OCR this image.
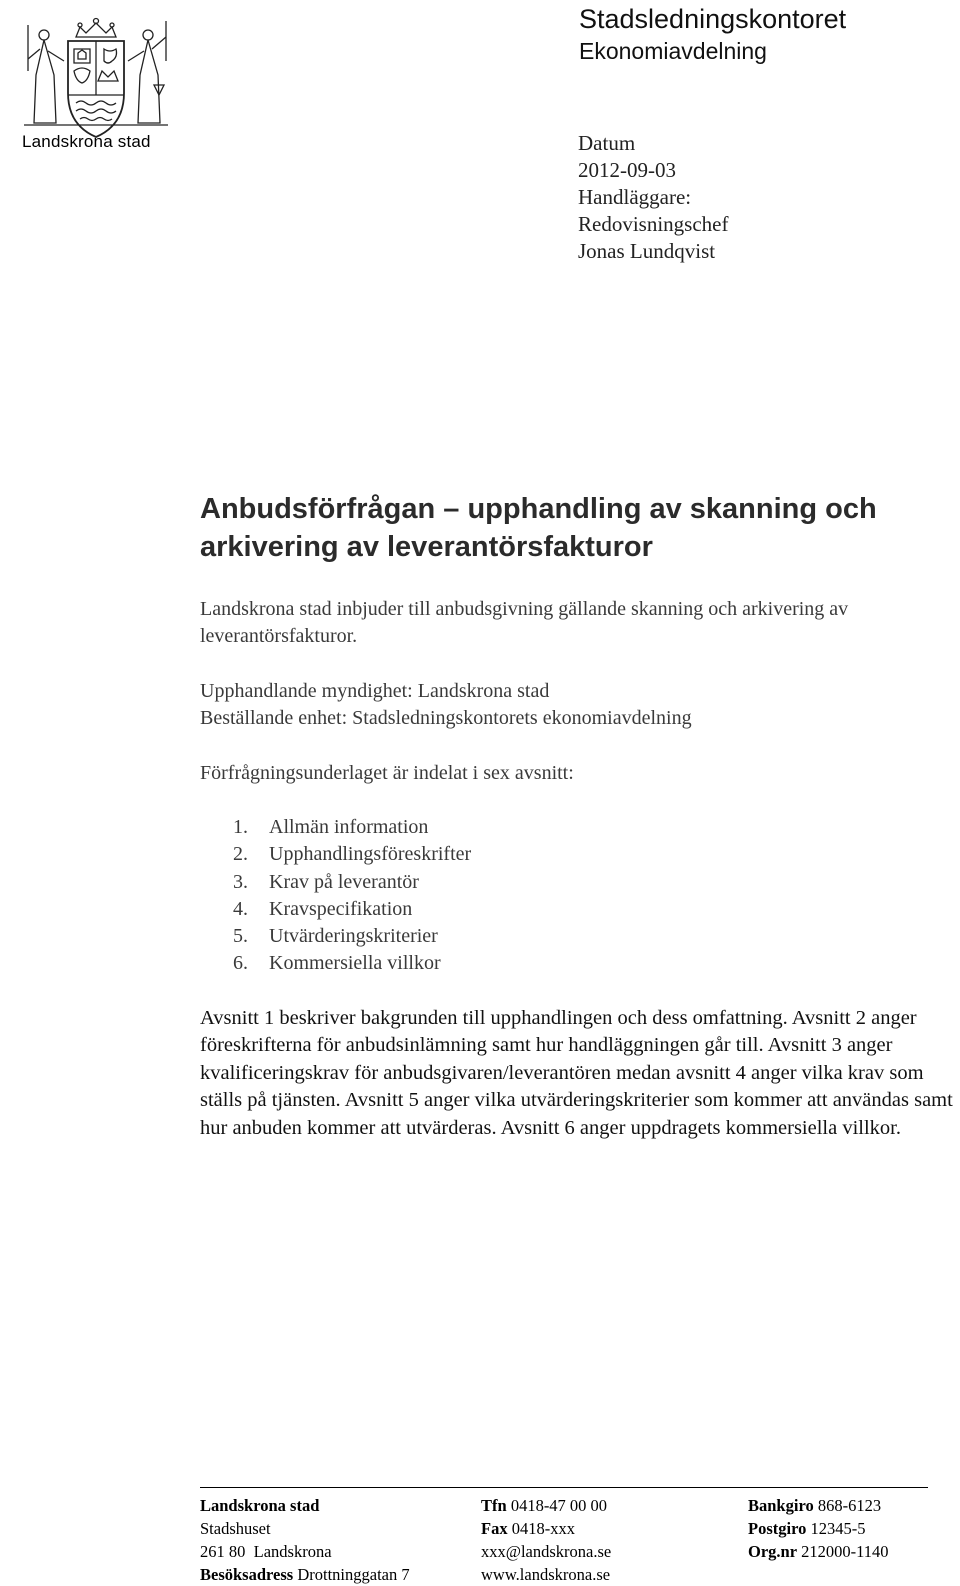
Landskrona stad
Stadsledningskontoret
Ekonomiavdelning
Datum
2012-09-03
Handläggare:
Redovisningschef
Jonas Lundqvist
Anbudsförfrågan – upphandling av skanning och arkivering av leverantörsfakturor
Landskrona stad inbjuder till anbudsgivning gällande skanning och arkivering av leverantörsfakturor.
Upphandlande myndighet: Landskrona stad
Beställande enhet: Stadsledningskontorets ekonomiavdelning
Förfrågningsunderlaget är indelat i sex avsnitt:
1. Allmän information
2. Upphandlingsföreskrifter
3. Krav på leverantör
4. Kravspecifikation
5. Utvärderingskriterier
6. Kommersiella villkor
Avsnitt 1 beskriver bakgrunden till upphandlingen och dess omfattning. Avsnitt 2 anger föreskrifterna för anbudsinlämning samt hur handläggningen går till. Avsnitt 3 anger kvalificeringskrav för anbudsgivaren/leverantören medan avsnitt 4 anger vilka krav som ställs på tjänsten. Avsnitt 5 anger vilka utvärderingskriterier som kommer att användas samt hur anbuden kommer att utvärderas. Avsnitt 6 anger uppdragets kommersiella villkor.
Landskrona stad
Stadshuset
261 80  Landskrona
Besöksadress Drottninggatan 7
Tfn 0418-47 00 00
Fax 0418-xxx
xxx@landskrona.se
www.landskrona.se
Bankgiro 868-6123
Postgiro 12345-5
Org.nr 212000-1140
